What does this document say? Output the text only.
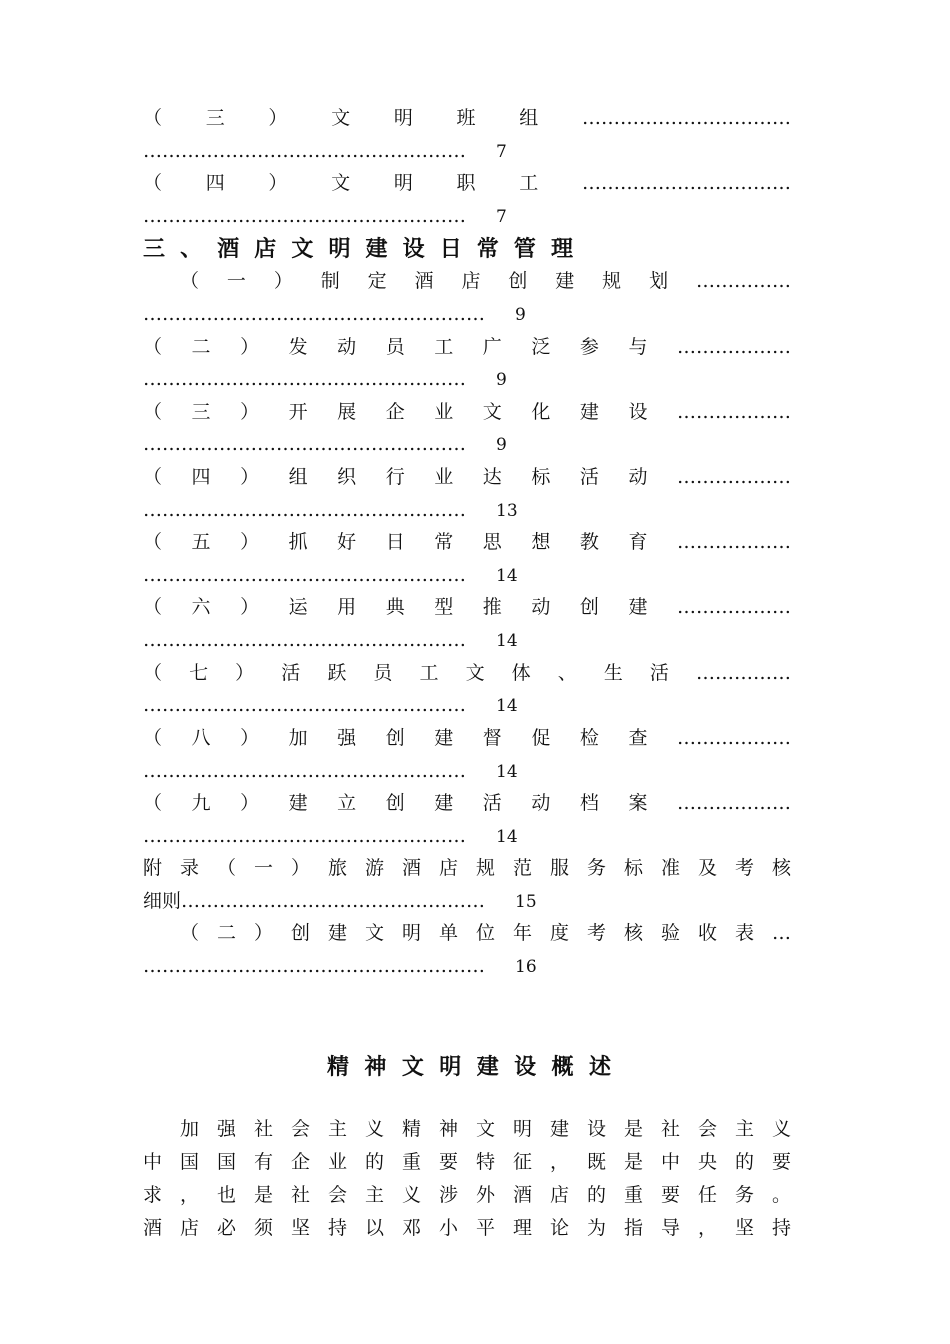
（三）文明班组……………………………
…………………………………………… 7
（四）文明职工……………………………
…………………………………………… 7
三、酒店文明建设日常管理
（一）制定酒店创建规划……………
……………………………………………… 9
（二）发动员工广泛参与………………
…………………………………………… 9
（三）开展企业文化建设………………
…………………………………………… 9
（四）组织行业达标活动………………
…………………………………………… 13
（五）抓好日常思想教育………………
…………………………………………… 14
（六）运用典型推动创建………………
…………………………………………… 14
（七）活跃员工文体、生活……………
…………………………………………… 14
（八）加强创建督促检查………………
…………………………………………… 14
（九）建立创建活动档案………………
…………………………………………… 14
附录（一）旅游酒店规范服务标准及考核
细则………………………………………… 15
（二）创建文明单位年度考核验收表…
……………………………………………… 16
精神文明建设概述
加强社会主义精神文明建设是社会主义
中国国有企业的重要特征，既是中央的要
求，也是社会主义涉外酒店的重要任务。
酒店必须坚持以邓小平理论为指导，坚持
